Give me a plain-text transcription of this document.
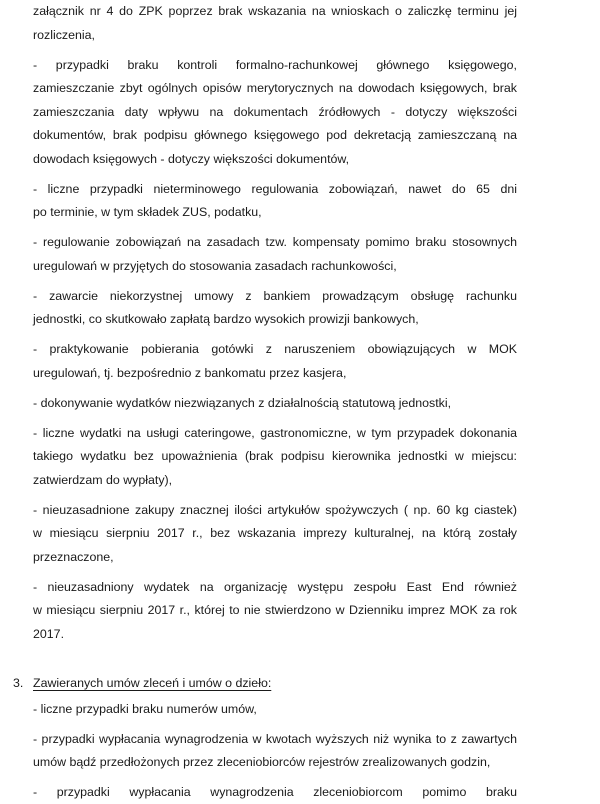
załącznik nr 4 do ZPK poprzez brak wskazania na wnioskach o zaliczkę terminu jej
rozliczenia,
- przypadki braku kontroli formalno-rachunkowej głównego księgowego,
zamieszczanie zbyt ogólnych opisów merytorycznych na dowodach księgowych, brak
zamieszczania daty wpływu na dokumentach źródłowych - dotyczy większości
dokumentów, brak podpisu głównego księgowego pod dekretacją zamieszczaną na
dowodach księgowych - dotyczy większości dokumentów,
- liczne przypadki nieterminowego regulowania zobowiązań, nawet do 65 dni
po terminie, w tym składek ZUS, podatku,
- regulowanie zobowiązań na zasadach tzw. kompensaty pomimo braku stosownych
uregulowań w przyjętych do stosowania zasadach rachunkowości,
- zawarcie niekorzystnej umowy z bankiem prowadzącym obsługę rachunku
jednostki, co skutkowało zapłatą bardzo wysokich prowizji bankowych,
- praktykowanie pobierania gotówki z naruszeniem obowiązujących w MOK
uregulowań, tj. bezpośrednio z bankomatu przez kasjera,
- dokonywanie wydatków niezwiązanych z działalnością statutową jednostki,
- liczne wydatki na usługi cateringowe, gastronomiczne, w tym przypadek dokonania
takiego wydatku bez upoważnienia (brak podpisu kierownika jednostki w miejscu:
zatwierdzam do wypłaty),
- nieuzasadnione zakupy znacznej ilości artykułów spożywczych ( np. 60 kg ciastek)
w miesiącu sierpniu 2017 r., bez wskazania imprezy kulturalnej, na którą zostały
przeznaczone,
- nieuzasadniony wydatek na organizację występu zespołu East End również
w miesiącu sierpniu 2017 r., której to nie stwierdzono w Dzienniku imprez MOK za rok
2017.
3. Zawieranych umów zleceń i umów o dzieło:
- liczne przypadki braku numerów umów,
- przypadki wypłacania wynagrodzenia w kwotach wyższych niż wynika to z zawartych
umów bądź przedłożonych przez zleceniobiorców rejestrów zrealizowanych godzin,
- przypadki wypłacania wynagrodzenia zleceniobiorcom pomimo braku
